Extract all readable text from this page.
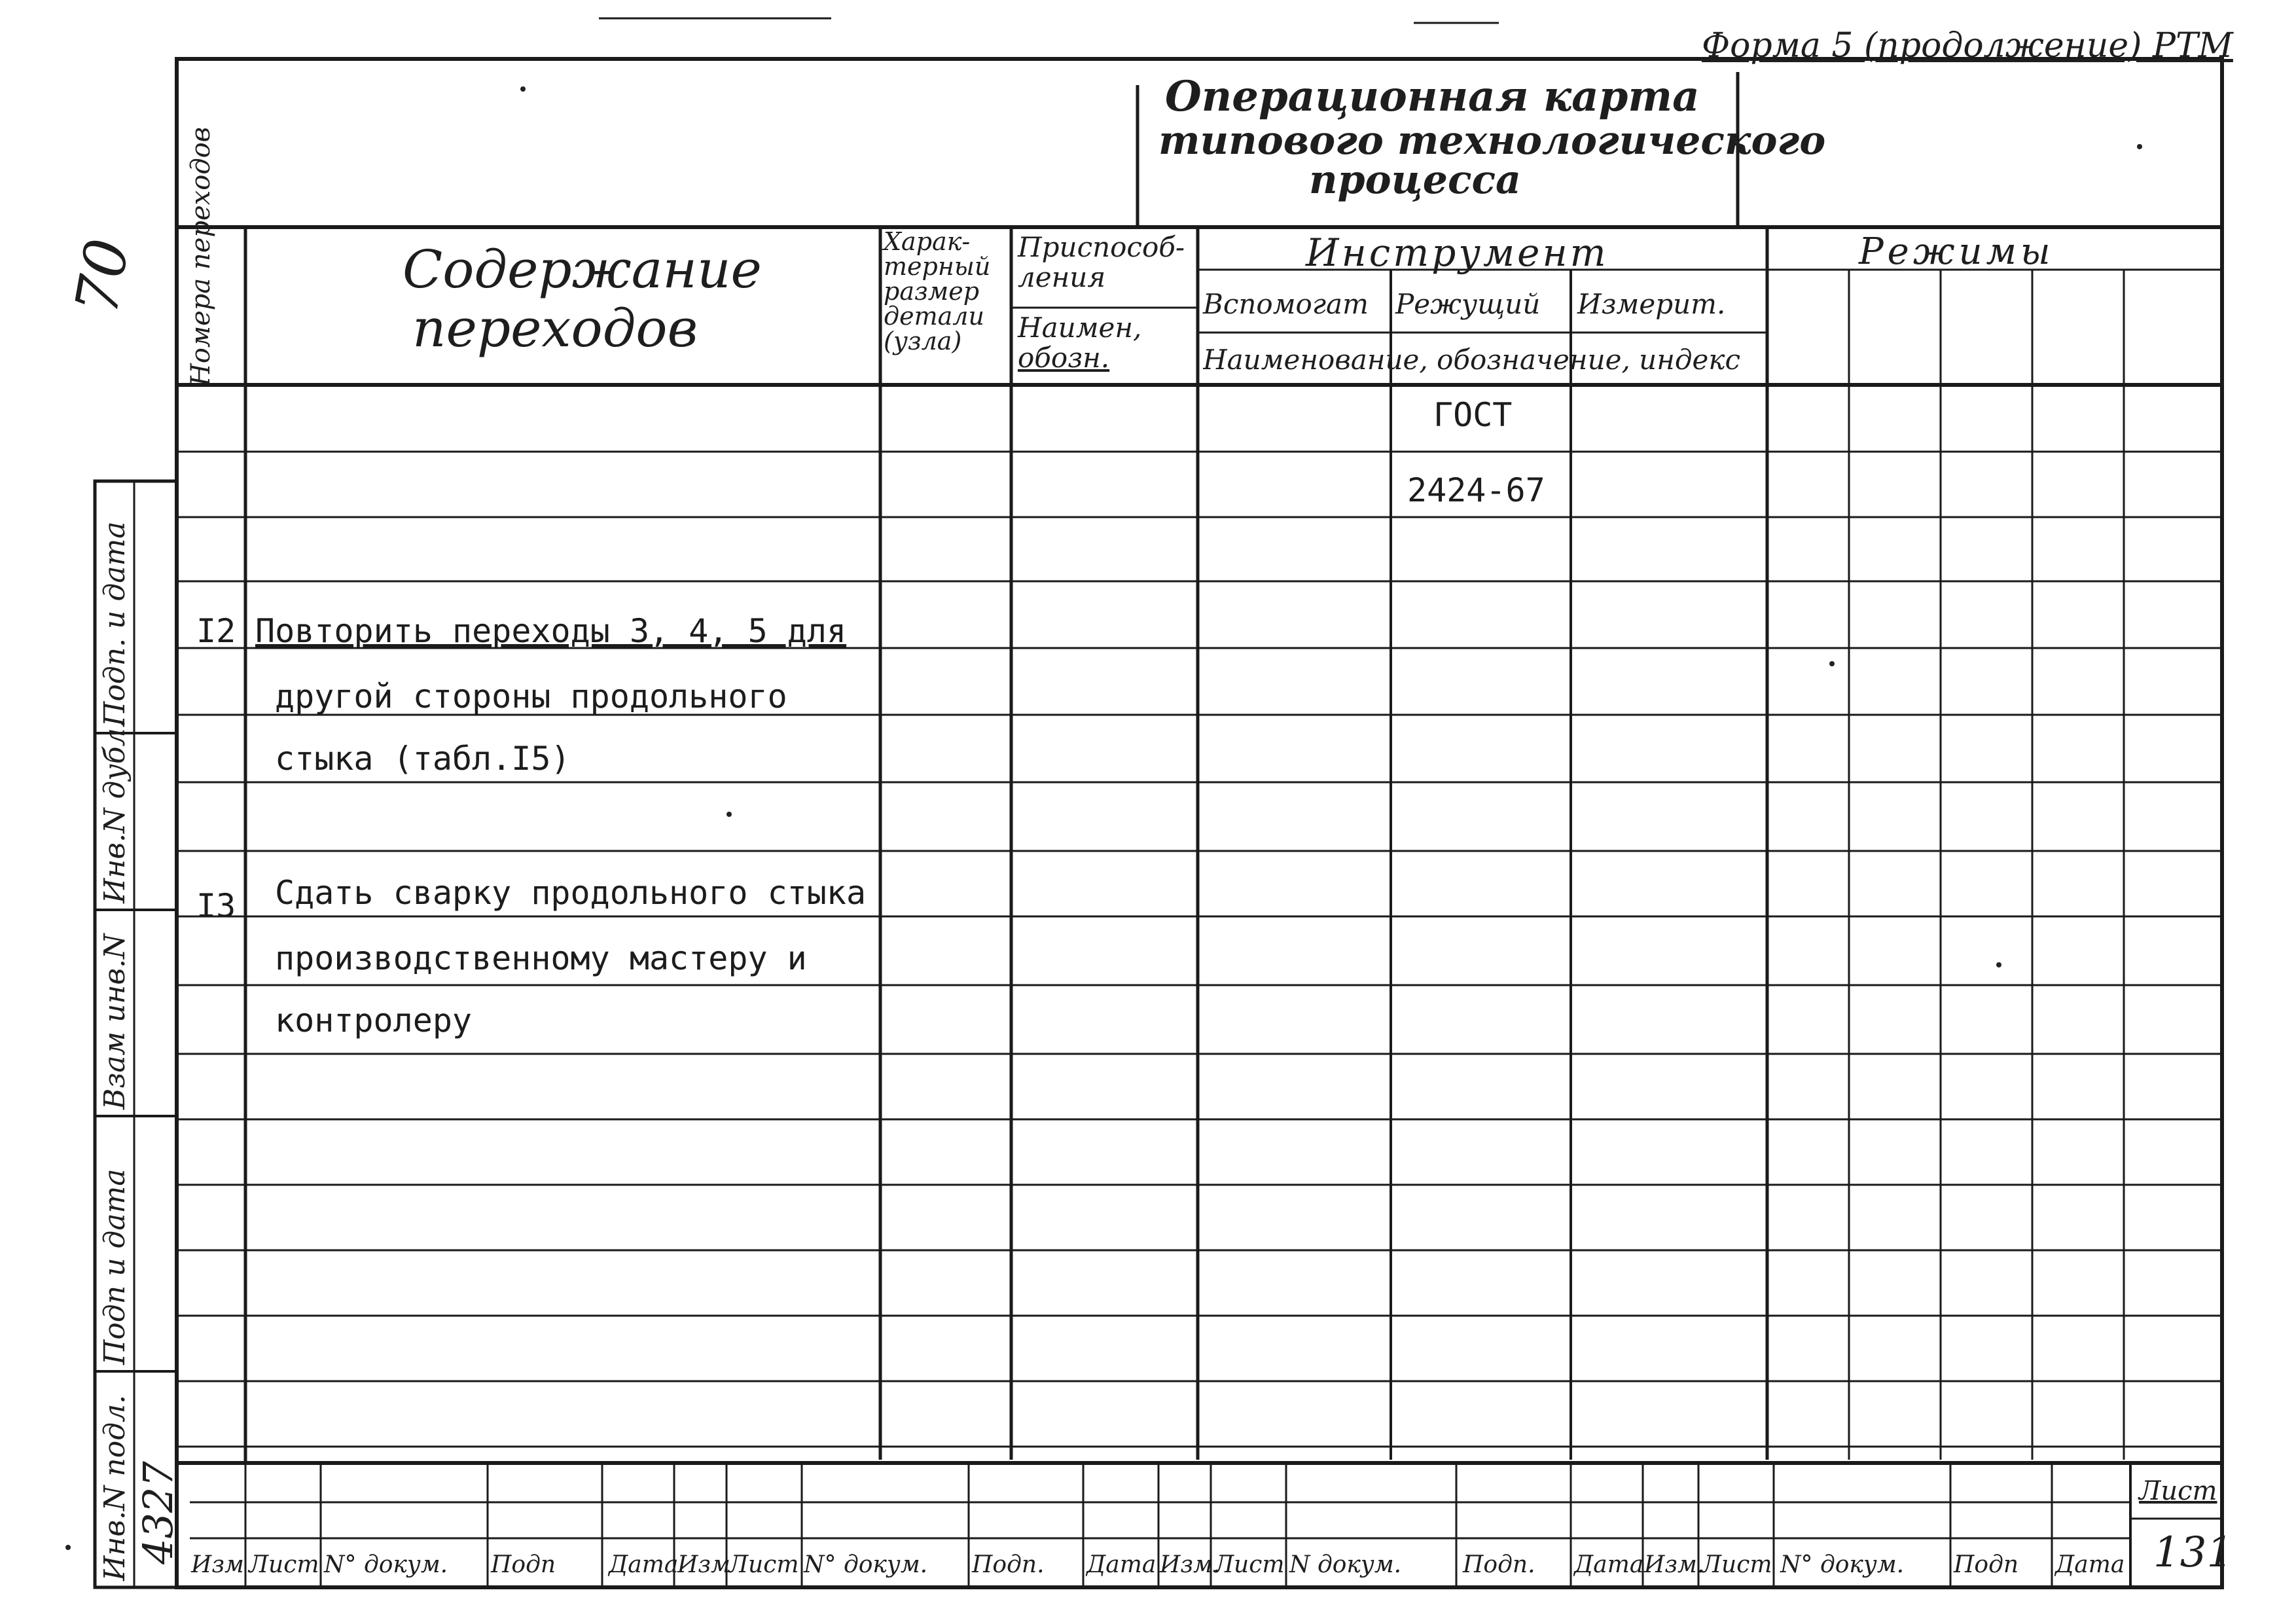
Форма 5 (продолжение) РТМ
Операционная карта
типового технологического
процесса
Номера переходов	Содержание
переходов
Харак-
терный
размер
детали
(узла)
Приспособ-
ления
Наимен,
обозн.
Инструмент
Вспомогат Режущий Измерит.
Наименование, обозначение, индекс
Режимы
ГОСТ
2424-67
I2 Повторить переходы 3, 4, 5 для
другой стороны продольного
стыка (табл.I5)
I3 Сдать сварку продольного стыка
производственному мастеру и
контролеру
Подп. и дата
Инв.N дубл.
Взам инв.N
Подп и дата
Инв.N подл. 4327
70
Изм Лист N° докум. Подп Дата
Изм
Лист N° докум. Подп. Дата Изм.
Лист N докум.	Подп. Дата Изм.
Лист N° докум. Подп Дата
Лист
131
